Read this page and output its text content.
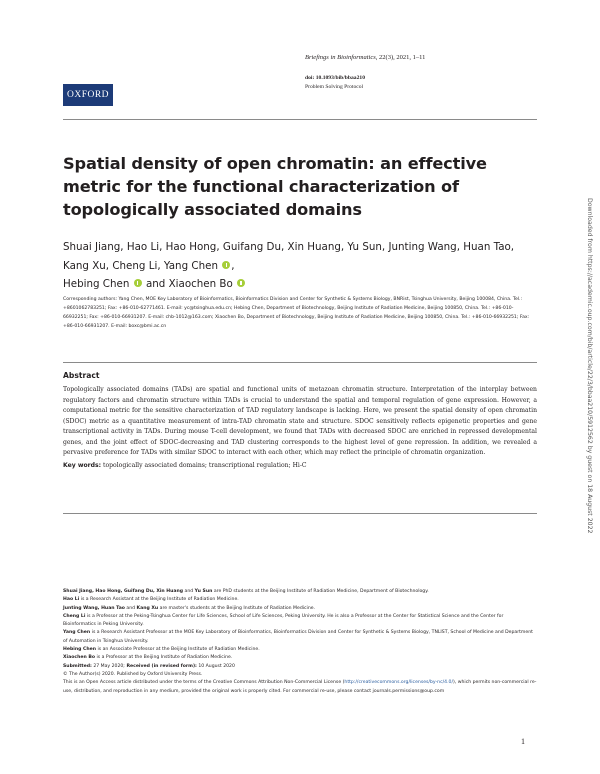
Briefings in Bioinformatics, 22(3), 2021, 1–11
doi: 10.1093/bib/bbaa210
Problem Solving Protocol
OXFORD
Spatial density of open chromatin: an effective metric for the functional characterization of topologically associated domains
Shuai Jiang, Hao Li, Hao Hong, Guifang Du, Xin Huang, Yu Sun, Junting Wang, Huan Tao, Kang Xu, Cheng Li, Yang Chen ,
Hebing Chen  and Xiaochen Bo
Corresponding authors: Yang Chen, MOE Key Laboratory of Bioinformatics, Bioinformatics Division and Center for Synthetic & Systems Biology, BNRist, Tsinghua University, Beijing 100084, China. Tel.: +8601062783251; Fax: +86-010-62771461. E-mail: yc@tsinghua.edu.cn; Hebing Chen, Department of Biotechnology, Beijing Institute of Radiation Medicine, Beijing 100850, China. Tel.: +86-010-66932251; Fax: +86-010-66931207. E-mail: chb-1012@163.com; Xiaochen Bo, Department of Biotechnology, Beijing Institute of Radiation Medicine, Beijing 100850, China. Tel.: +86-010-66932251; Fax: +86-010-66931207. E-mail: boxc@bmi.ac.cn
Abstract
Topologically associated domains (TADs) are spatial and functional units of metazoan chromatin structure. Interpretation of the interplay between regulatory factors and chromatin structure within TADs is crucial to understand the spatial and temporal regulation of gene expression. However, a computational metric for the sensitive characterization of TAD regulatory landscape is lacking. Here, we present the spatial density of open chromatin (SDOC) metric as a quantitative measurement of intra-TAD chromatin state and structure. SDOC sensitively reflects epigenetic properties and gene transcriptional activity in TADs. During mouse T-cell development, we found that TADs with decreased SDOC are enriched in repressed developmental genes, and the joint effect of SDOC-decreasing and TAD clustering corresponds to the highest level of gene repression. In addition, we revealed a pervasive preference for TADs with similar SDOC to interact with each other, which may reflect the principle of chromatin organization.
Key words: topologically associated domains; transcriptional regulation; Hi-C

Shuai Jiang, Hao Hong, Guifang Du, Xin Huang and Yu Sun are PhD students at the Beijing Institute of Radiation Medicine, Department of Biotechnology.

Hao Li is a Research Assistant at the Beijing Institute of Radiation Medicine.

Junting Wang, Huan Tao and Kang Xu are master's students at the Beijing Institute of Radiation Medicine.

Cheng Li is a Professor at the Peking-Tsinghua Center for Life Sciences, School of Life Sciences, Peking University. He is also a Professor at the Center for Statistical Science and the Center for Bioinformatics in Peking University.

Yang Chen is a Research Assistant Professor at the MOE Key Laboratory of Bioinformatics, Bioinformatics Division and Center for Synthetic & Systems Biology, TNLIST, School of Medicine and Department of Automation in Tsinghua University.

Hebing Chen is an Associate Professor at the Beijing Institute of Radiation Medicine.

Xiaochen Bo is a Professor at the Beijing Institute of Radiation Medicine.

Submitted: 27 May 2020; Received (in revised form): 10 August 2020

© The Author(s) 2020. Published by Oxford University Press.

This is an Open Access article distributed under the terms of the Creative Commons Attribution Non-Commercial License (http://creativecommons.org/licenses/by-nc/4.0/), which permits non-commercial re-use, distribution, and reproduction in any medium, provided the original work is properly cited. For commercial re-use, please contact journals.permissions@oup.com

1
Downloaded from https://academic.oup.com/bib/article/22/3/bbaa210/5912562 by guest on 18 August 2022
